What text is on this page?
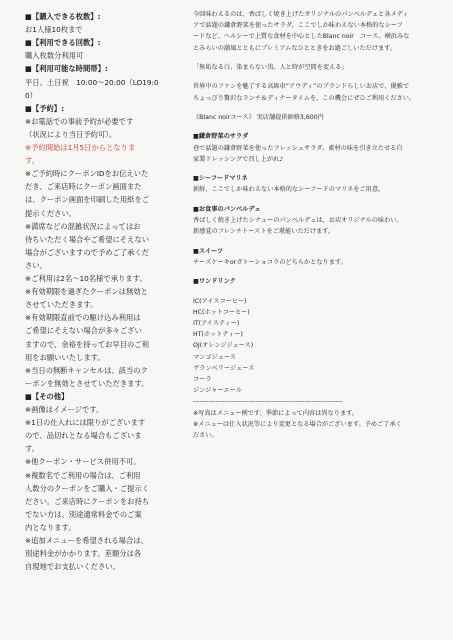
■【購入できる枚数】:
お1人様10枚まで
■【利用できる回数】:
購入枚数分利用可
■【利用可能な時間帯】:
平日、土日祝　10:00～20:00（LO19:0
0）
■【予約】:
※お電話での事前予約が必要です
（状況により当日予約可）。
※予約開始は1月5日からとなりま
す。
※ご予約時にクーポンIDをお伝えいた
だき、ご来店時にクーポン画面また
は、クーポン画面を印刷した用紙をご
提示ください。
※満席などの混雑状況によってはお
待ちいただく場合やご希望にそえない
場合がございますので予めご了承くだ
さい。
※ご利用は2名～10名様で承ります。
※有効期限を過ぎたクーポンは無効と
させていただきます。
※有効期限直前での駆け込み利用は
ご希望にそえない場合が多々ござい
ますので、余裕を持ってお早目のご利
用をお願いいたします。
※当日の無断キャンセルは、該当のク
ーポンを無効とさせていただきます。
■【その他】
※画像はイメージです。
※1日の仕入れには限りがございます
ので、品切れとなる場合もございま
す。
※他クーポン・サービス併用不可。
※複数名でご利用の場合は、ご利用
人数分のクーポンをご購入・ご提示く
ださい。ご来店時にクーポンをお持ち
でない方は、別途通常料金でのご案
内となります。
※追加メニューを希望される場合は、
別途料金がかかります。差額分は各
自現地でお支払いください。
今回味わえるのは、香ばしく焼き上げたオリジナルのパンベルデュと各メディ
アで話題の鎌倉野菜を使ったサラダ，ここでしか味わえない本格的なシーフ
ードなど、ヘルシーで上質な食材を中心としたBlanc noir　コース。横浜みな
とみらいの潮風とともにプレミアムなひとときをお過ごしいただけます。
「無垢なる白、染まらない黒。人と時が空間を変える」
世界中のファンを魅了する高級車“アウディ”のブランドらしいお店で、優雅で
ちょっぴり贅沢なランチ＆ディナータイムを，この機会にぜひご利用ください。
《Blanc noirコース》 実店舗提供価格3,600円
■鎌倉野菜のサラダ
巷で話題の鎌倉野菜を使ったフレッシュサラダ。素材の味を引き立たせる自
家製ドレッシングで召し上がれ♪
■シーフードマリネ
新鮮、ここでしか味わえない本格的なシーフードのマリネをご用意。
■お食事のパンベルデュ
香ばしく焼き上げたシナューのパンベルデュは，お店オリジナルの味わい。
新感覚のフレンチトーストをご堪能いただけます。
■スイーツ
チーズケーキorガトーショコラのどちらかとなります。
■ワンドリンク
IC(アイスコーヒー)
HC(ホットコーヒー)
IT(アイスティー)
HT(ホットティー)
OJ(オレンジジュース)
マンゴジュース
グランベリージュース
コーラ
ジンジャーエール
-------------------------------------------------------------------
※写真はメニュー例です、季節によって内容は異なります。
※メニューは仕入状況等により変更となる場合がございます。予めご了承く
ださい。
